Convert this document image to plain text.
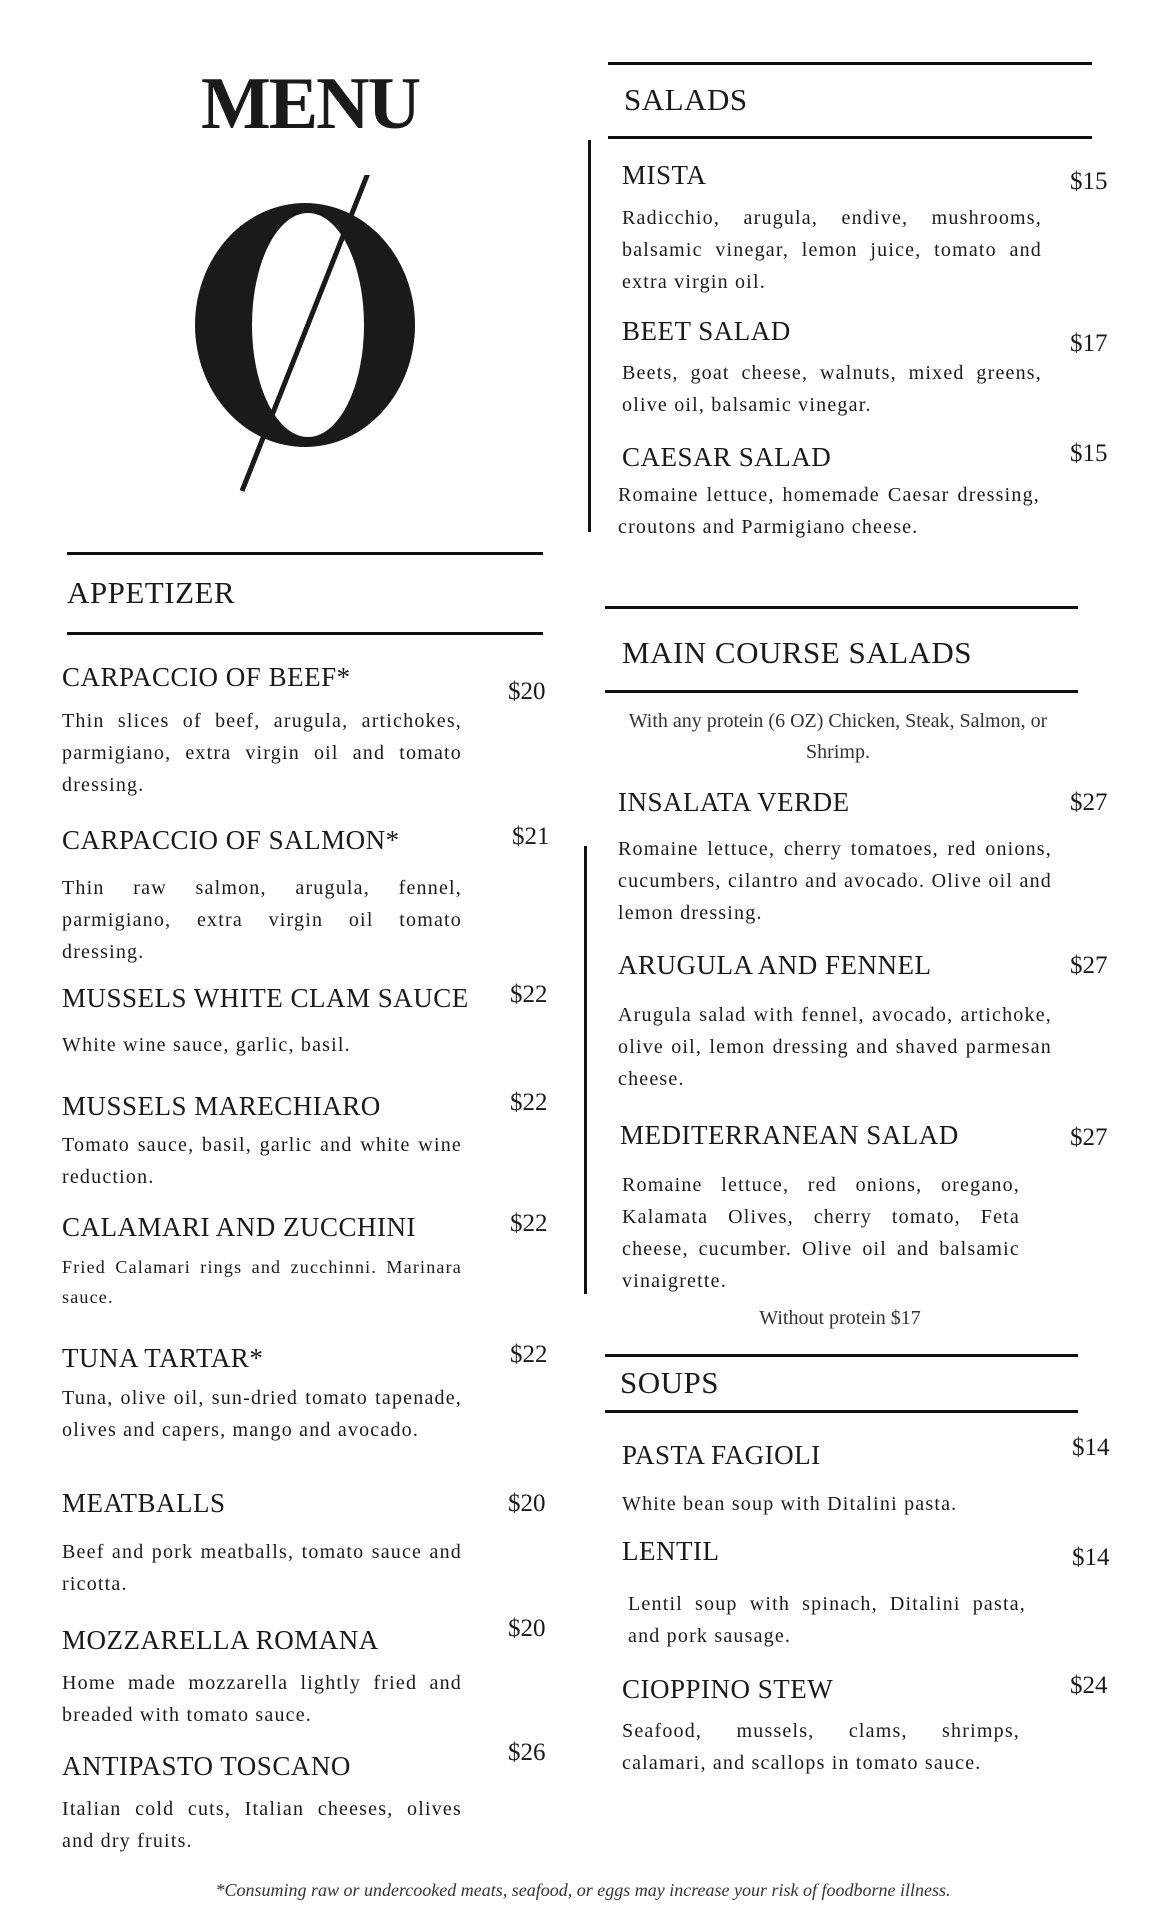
MENU
APPETIZER
CARPACCIO OF BEEF*	$20
Thin slices of beef, arugula, artichokes, parmigiano, extra virgin oil and tomato dressing.
CARPACCIO OF SALMON*	$21
Thin raw salmon, arugula, fennel, parmigiano, extra virgin oil tomato dressing.
MUSSELS WHITE CLAM SAUCE $22
White wine sauce, garlic, basil.
MUSSELS MARECHIARO	$22
Tomato sauce, basil, garlic and white wine reduction.
CALAMARI AND ZUCCHINI	$22
Fried Calamari rings and zucchinni. Marinara sauce.
TUNA TARTAR*	$22
Tuna, olive oil, sun-dried tomato tapenade, olives and capers, mango and avocado.
MEATBALLS	$20
Beef and pork meatballs, tomato sauce and ricotta.
MOZZARELLA ROMANA	$20
Home made mozzarella lightly fried and breaded with tomato sauce.
ANTIPASTO TOSCANO	$26
Italian cold cuts, Italian cheeses, olives and dry fruits.
SALADS
MISTA	$15
Radicchio, arugula, endive, mushrooms, balsamic vinegar, lemon juice, tomato and extra virgin oil.
BEET SALAD	$17
Beets, goat cheese, walnuts, mixed greens, olive oil, balsamic vinegar.
CAESAR SALAD	$15
Romaine lettuce, homemade Caesar dressing, croutons and Parmigiano cheese.
MAIN COURSE SALADS
With any protein (6 OZ) Chicken, Steak, Salmon, or Shrimp.
INSALATA VERDE	$27
Romaine lettuce, cherry tomatoes, red onions, cucumbers, cilantro and avocado. Olive oil and lemon dressing.
ARUGULA AND FENNEL	$27
Arugula salad with fennel, avocado, artichoke, olive oil, lemon dressing and shaved parmesan cheese.
MEDITERRANEAN SALAD	$27
Romaine lettuce, red onions, oregano, Kalamata Olives, cherry tomato, Feta cheese, cucumber. Olive oil and balsamic vinaigrette.
Without protein $17
SOUPS
PASTA FAGIOLI	$14
White bean soup with Ditalini pasta.
LENTIL	$14
Lentil soup with spinach, Ditalini pasta, and pork sausage.
CIOPPINO STEW	$24
Seafood, mussels, clams, shrimps, calamari, and scallops in tomato sauce.
*Consuming raw or undercooked meats, seafood, or eggs may increase your risk of foodborne illness.
